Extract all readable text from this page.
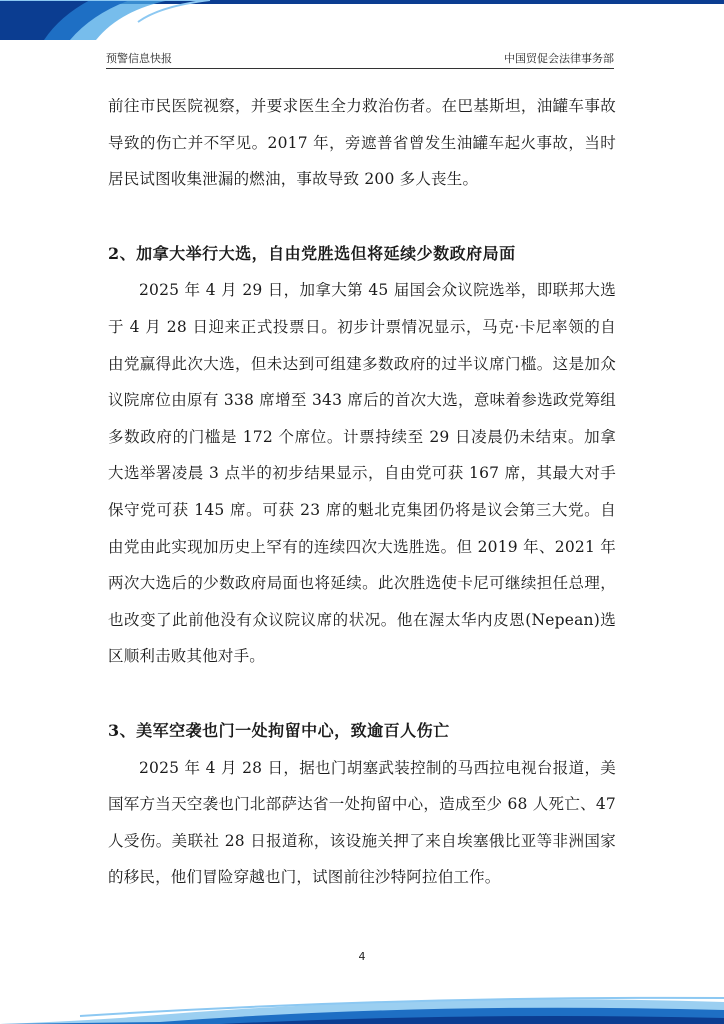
预警信息快报	中国贸促会法律事务部

前往市民医院视察，并要求医生全力救治伤者。在巴基斯坦，油罐车事故导致的伤亡并不罕见。2017 年，旁遮普省曾发生油罐车起火事故，当时居民试图收集泄漏的燃油，事故导致 200 多人丧生。

2、加拿大举行大选，自由党胜选但将延续少数政府局面

2025 年 4 月 29 日，加拿大第 45 届国会众议院选举，即联邦大选于 4 月 28 日迎来正式投票日。初步计票情况显示，马克·卡尼率领的自由党赢得此次大选，但未达到可组建多数政府的过半议席门槛。这是加众议院席位由原有 338 席增至 343 席后的首次大选，意味着参选政党筹组多数政府的门槛是 172 个席位。计票持续至 29 日凌晨仍未结束。加拿大选举署凌晨 3 点半的初步结果显示，自由党可获 167 席，其最大对手保守党可获 145 席。可获 23 席的魁北克集团仍将是议会第三大党。自由党由此实现加历史上罕有的连续四次大选胜选。但 2019 年、2021 年两次大选后的少数政府局面也将延续。此次胜选使卡尼可继续担任总理，也改变了此前他没有众议院议席的状况。他在渥太华内皮恩(Nepean)选区顺利击败其他对手。

3、美军空袭也门一处拘留中心，致逾百人伤亡

2025 年 4 月 28 日，据也门胡塞武装控制的马西拉电视台报道，美国军方当天空袭也门北部萨达省一处拘留中心，造成至少 68 人死亡、47 人受伤。美联社 28 日报道称，该设施关押了来自埃塞俄比亚等非洲国家的移民，他们冒险穿越也门，试图前往沙特阿拉伯工作。

4
